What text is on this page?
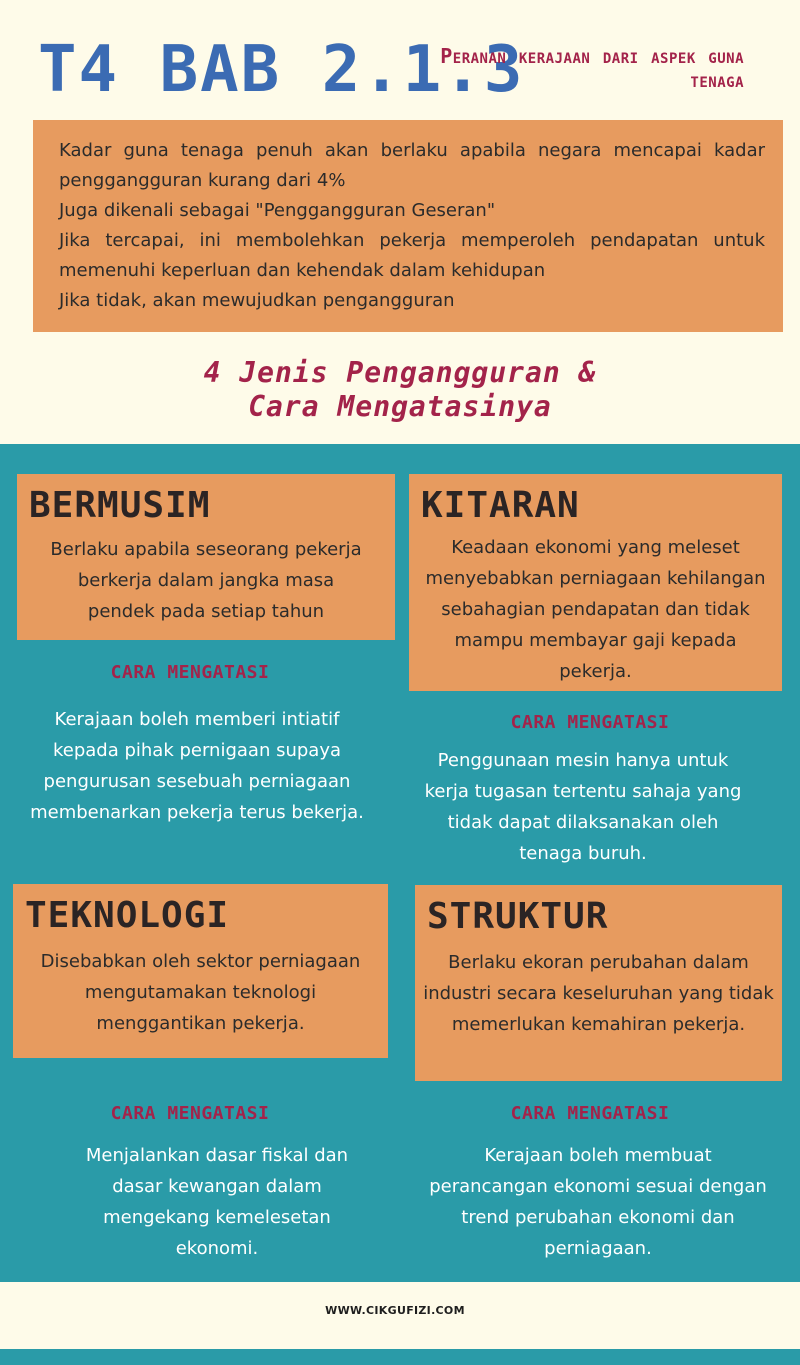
T4 BAB 2.1.3
Peranan kerajaan dari aspek guna tenaga

Kadar guna tenaga penuh akan berlaku apabila negara mencapai kadar penggangguran kurang dari 4%

Juga dikenali sebagai "Penggangguran Geseran"

Jika tercapai, ini membolehkan pekerja memperoleh pendapatan untuk memenuhi keperluan dan kehendak dalam kehidupan

Jika tidak, akan mewujudkan pengangguran

4 Jenis Pengangguran &
Cara Mengatasinya
BERMUSIM
Berlaku apabila seseorang pekerja berkerja dalam jangka masa pendek pada setiap tahun
CARA MENGATASI
Kerajaan boleh memberi intiatif kepada pihak pernigaan supaya pengurusan sesebuah perniagaan membenarkan pekerja terus bekerja.
KITARAN
Keadaan ekonomi yang meleset menyebabkan perniagaan kehilangan sebahagian pendapatan dan tidak mampu membayar gaji kepada pekerja.
CARA MENGATASI
Penggunaan mesin hanya untuk kerja tugasan tertentu sahaja yang tidak dapat dilaksanakan oleh tenaga buruh.
TEKNOLOGI
Disebabkan oleh sektor perniagaan mengutamakan teknologi menggantikan pekerja.
CARA MENGATASI
Menjalankan dasar fiskal dan dasar kewangan dalam mengekang kemelesetan ekonomi.
STRUKTUR
Berlaku ekoran perubahan dalam industri secara keseluruhan yang tidak memerlukan kemahiran pekerja.
CARA MENGATASI
Kerajaan boleh membuat perancangan ekonomi sesuai dengan trend perubahan ekonomi dan perniagaan.
WWW.CIKGUFIZI.COM
